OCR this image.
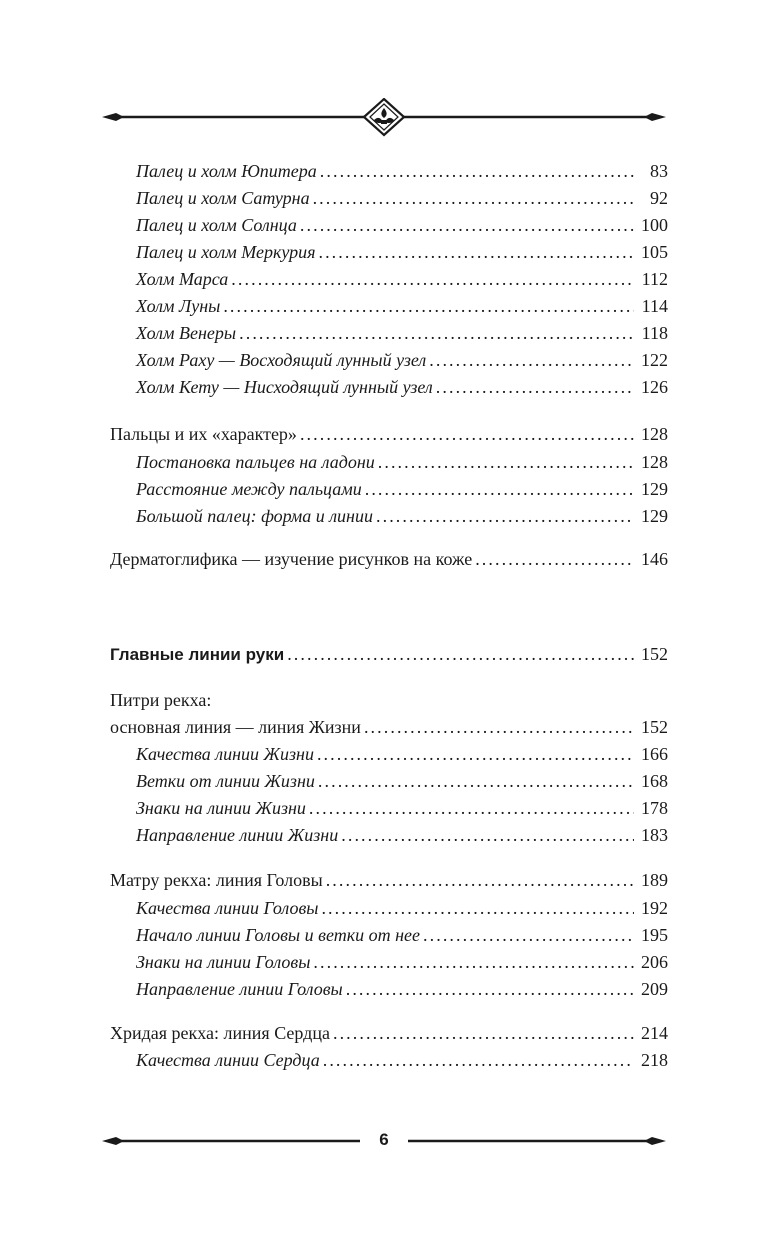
Палец и холм Юпитера . . .	83
Палец и холм Сатурна . . .	92
Палец и холм Солнца . . .	100
Палец и холм Меркурия . . .	105
Холм Марса . . .	112
Холм Луны . . .	114
Холм Венеры . . .	118
Холм Раху — Восходящий лунный узел . . .	122
Холм Кету — Нисходящий лунный узел . . .	126
Пальцы и их «характер» . . .	128
Постановка пальцев на ладони . . .	128
Расстояние между пальцами . . .	129
Большой палец: форма и линии . . .	129
Дерматоглифика — изучение рисунков на коже . . .	146
Главные линии руки . . .	152
Питри рекха:
основная линия — линия Жизни . . .	152
Качества линии Жизни . . .	166
Ветки от линии Жизни . . .	168
Знаки на линии Жизни . . .	178
Направление линии Жизни . . .	183
Матру рекха: линия Головы . . .	189
Качества линии Головы . . .	192
Начало линии Головы и ветки от нее . . .	195
Знаки на линии Головы . . .	206
Направление линии Головы . . .	209
Хридая рекха: линия Сердца . . .	214
Качества линии Сердца . . .	218
6
